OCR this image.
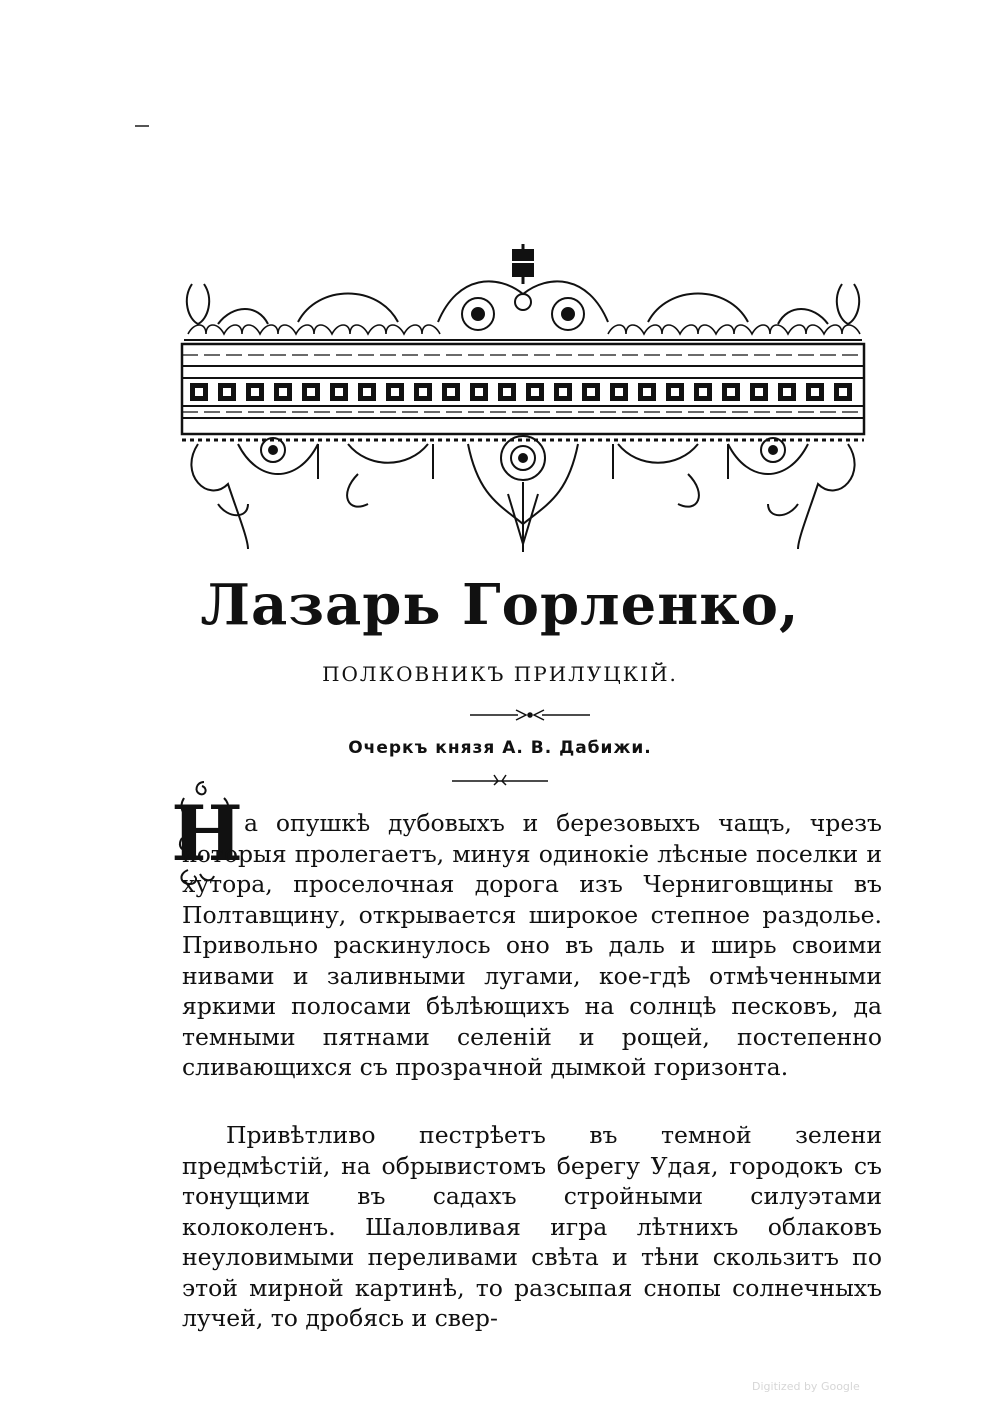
Лазарь Горленко,
ПОЛКОВНИКЪ ПРИЛУЦКІЙ.
Очеркъ князя А. В. Дабижи.
Н а опушкѣ дубовыхъ и березовыхъ чащъ, чрезъ которыя пролегаетъ, минуя одинокіе лѣсные поселки и хутора, проселочная дорога изъ Черниговщины въ Полтавщину, открывается широкое степное раздолье. Привольно раскинулось оно въ даль и ширь своими нивами и заливными лугами, кое-гдѣ отмѣченными яркими полосами бѣлѣющихъ на солнцѣ песковъ, да темными пятнами селеній и рощей, постепенно сливающихся съ прозрачной дымкой горизонта.

Привѣтливо пестрѣетъ въ темной зелени предмѣстій, на обрывистомъ берегу Удая, городокъ съ тонущими въ садахъ стройными силуэтами колоколенъ. Шаловливая игра лѣтнихъ облаковъ неуловимыми переливами свѣта и тѣни скользитъ по этой мирной картинѣ, то разсыпая снопы солнечныхъ лучей, то дробясь и свер-

Digitized by Google
